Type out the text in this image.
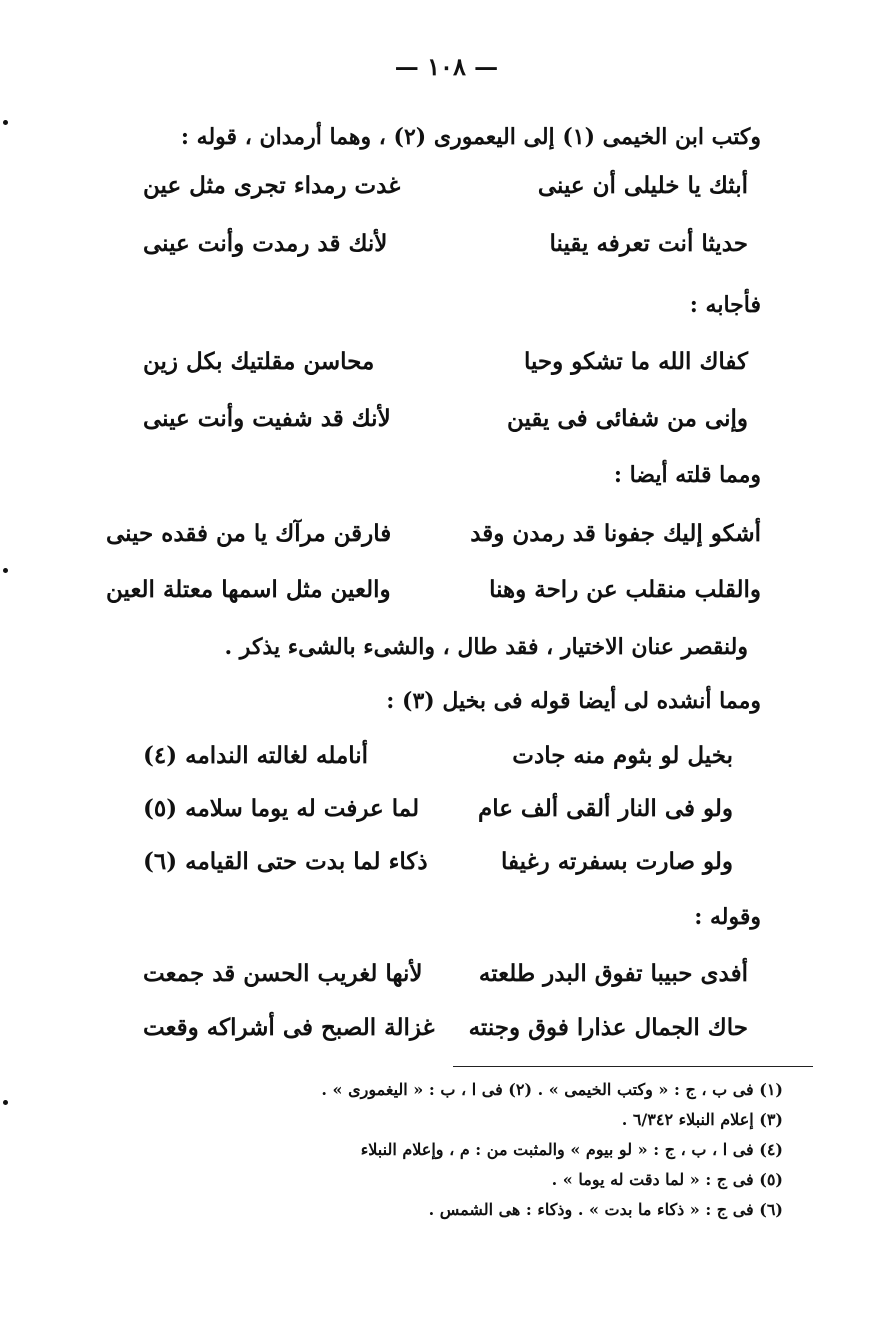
— ١٠٨ —
وكتب ابن الخيمى (١) إلى اليعمورى (٢) ، وهما أرمدان ، قوله :
أبثك يا خليلى أن عينى
غدت رمداء تجرى مثل عين
حديثا أنت تعرفه يقينا
لأنك قد رمدت وأنت عينى
فأجابه :
كفاك الله ما تشكو وحيا
محاسن مقلتيك بكل زين
وإنى من شفائى فى يقين
لأنك قد شفيت وأنت عينى
ومما قلته أيضا :
أشكو إليك جفونا قد رمدن وقد
فارقن مرآك يا من فقده حينى
والقلب منقلب عن راحة وهنا
والعين مثل اسمها معتلة العين
ولنقصر عنان الاختيار ، فقد طال ، والشىء بالشىء يذكر .
ومما أنشده لى أيضا قوله فى بخيل (٣) :
بخيل لو بثوم منه جادت
أنامله لغالته الندامه (٤)
ولو فى النار ألقى ألف عام
لما عرفت له يوما سلامه (٥)
ولو صارت بسفرته رغيفا
ذكاء لما بدت حتى القيامه (٦)
وقوله :
أفدى حبيبا تفوق البدر طلعته
لأنها لغريب الحسن قد جمعت
حاك الجمال عذارا فوق وجنته
غزالة الصبح فى أشراكه وقعت
(١) فى ب ، ج : « وكتب الخيمى » . (٢) فى ا ، ب : « اليغمورى » .
(٣) إعلام النبلاء ٦/٣٤٢ .
(٤) فى ا ، ب ، ج : « لو بيوم » والمثبت من : م ، وإعلام النبلاء
(٥) فى ج : « لما دقت له يوما » .
(٦) فى ج : « ذكاء ما بدت » . وذكاء : هى الشمس .
